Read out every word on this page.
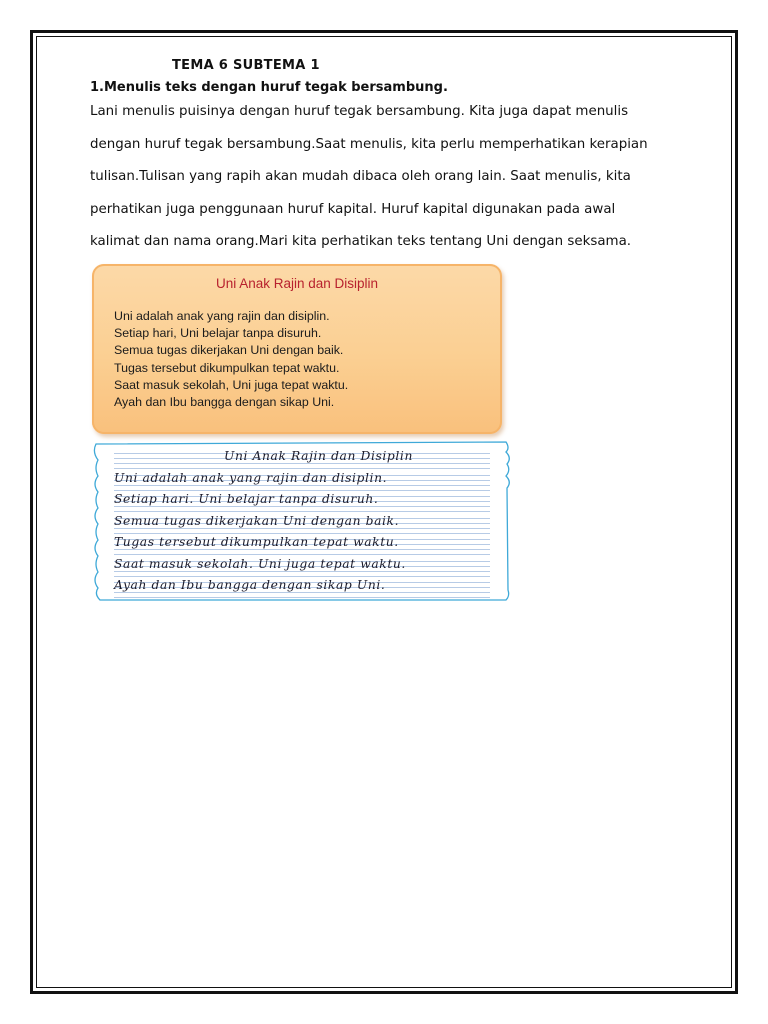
TEMA 6 SUBTEMA 1
1.Menulis teks dengan huruf tegak bersambung.
Lani menulis puisinya dengan huruf tegak bersambung. Kita juga dapat menulis
dengan huruf tegak bersambung.Saat menulis, kita perlu memperhatikan kerapian
tulisan.Tulisan yang rapih akan mudah dibaca oleh orang lain. Saat menulis, kita
perhatikan juga penggunaan huruf kapital. Huruf kapital digunakan pada awal
kalimat dan nama orang.Mari kita perhatikan teks tentang Uni dengan seksama.
Uni Anak Rajin dan Disiplin
Uni adalah anak yang rajin dan disiplin.
Setiap hari, Uni belajar tanpa disuruh.
Semua tugas dikerjakan Uni dengan baik.
Tugas tersebut dikumpulkan tepat waktu.
Saat masuk sekolah, Uni juga tepat waktu.
Ayah dan Ibu bangga dengan sikap Uni.
Uni Anak Rajin dan Disiplin
Uni adalah anak yang rajin dan disiplin.
Setiap hari. Uni belajar tanpa disuruh.
Semua tugas dikerjakan Uni dengan baik.
Tugas tersebut dikumpulkan tepat waktu.
Saat masuk sekolah. Uni juga tepat waktu.
Ayah dan Ibu bangga dengan sikap Uni.
